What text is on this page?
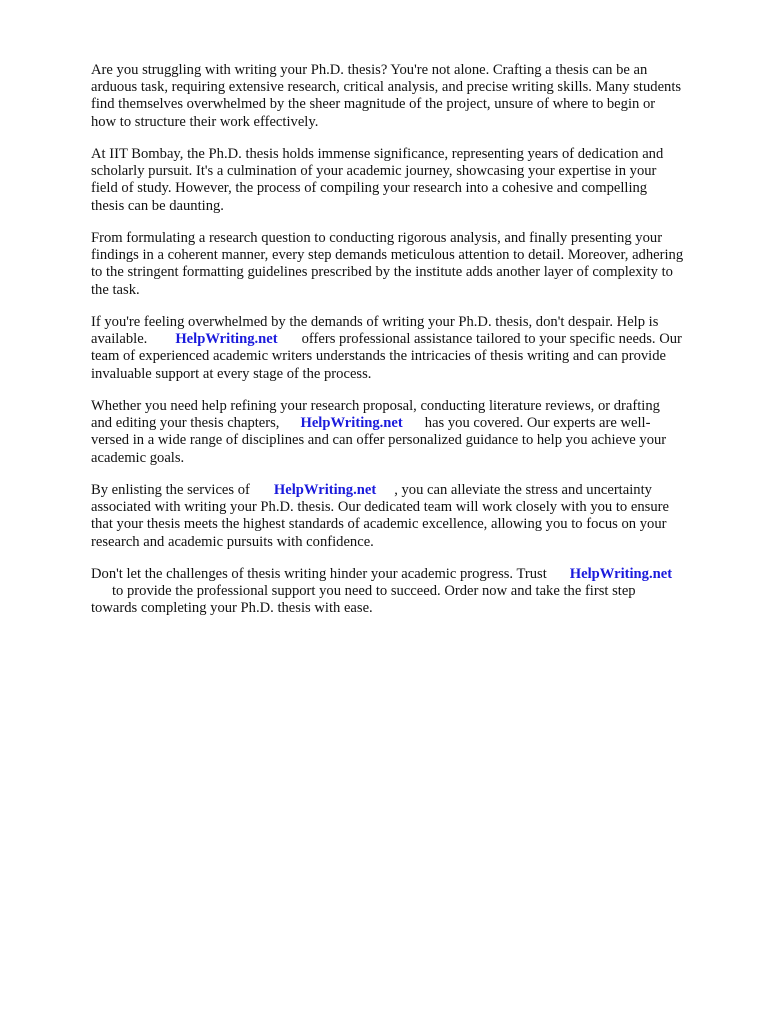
Are you struggling with writing your Ph.D. thesis? You're not alone. Crafting a thesis can be an
arduous task, requiring extensive research, critical analysis, and precise writing skills. Many students
find themselves overwhelmed by the sheer magnitude of the project, unsure of where to begin or
how to structure their work effectively.
At IIT Bombay, the Ph.D. thesis holds immense significance, representing years of dedication and
scholarly pursuit. It's a culmination of your academic journey, showcasing your expertise in your
field of study. However, the process of compiling your research into a cohesive and compelling
thesis can be daunting.
From formulating a research question to conducting rigorous analysis, and finally presenting your
findings in a coherent manner, every step demands meticulous attention to detail. Moreover, adhering
to the stringent formatting guidelines prescribed by the institute adds another layer of complexity to
the task.
If you're feeling overwhelmed by the demands of writing your Ph.D. thesis, don't despair. Help is
available. HelpWriting.net offers professional assistance tailored to your specific needs. Our
team of experienced academic writers understands the intricacies of thesis writing and can provide
invaluable support at every stage of the process.
Whether you need help refining your research proposal, conducting literature reviews, or drafting
and editing your thesis chapters, HelpWriting.net has you covered. Our experts are well-
versed in a wide range of disciplines and can offer personalized guidance to help you achieve your
academic goals.
By enlisting the services of HelpWriting.net , you can alleviate the stress and uncertainty
associated with writing your Ph.D. thesis. Our dedicated team will work closely with you to ensure
that your thesis meets the highest standards of academic excellence, allowing you to focus on your
research and academic pursuits with confidence.
Don't let the challenges of thesis writing hinder your academic progress. Trust HelpWriting.net
to provide the professional support you need to succeed. Order now and take the first step
towards completing your Ph.D. thesis with ease.
